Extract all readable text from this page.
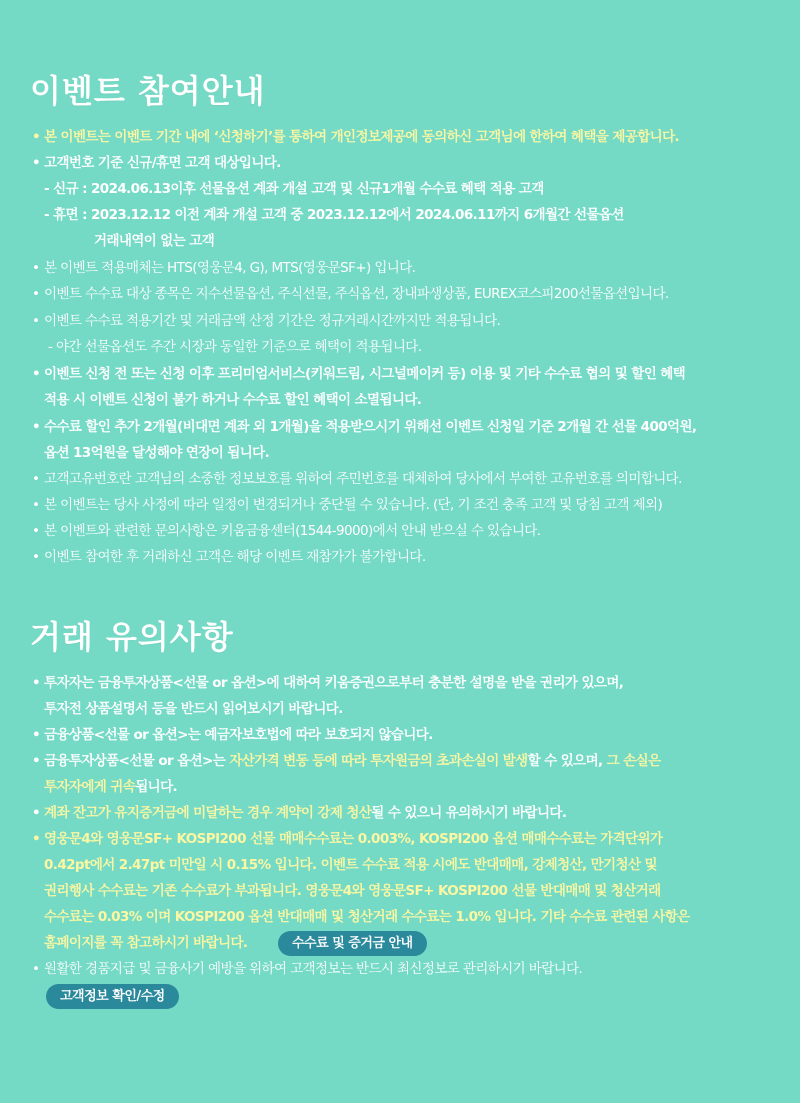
이벤트 참여안내
• 본 이벤트는 이벤트 기간 내에 ‘신청하기’를 통하여 개인정보제공에 동의하신 고객님에 한하여 혜택을 제공합니다.
• 고객번호 기준 신규/휴면 고객 대상입니다.
- 신규 : 2024.06.13이후 선물옵션 계좌 개설 고객 및 신규1개월 수수료 혜택 적용 고객
- 휴면 : 2023.12.12 이전 계좌 개설 고객 중 2023.12.12에서 2024.06.11까지 6개월간 선물옵션
거래내역이 없는 고객
• 본 이벤트 적용매체는 HTS(영웅문4, G), MTS(영웅문SF+) 입니다.
• 이벤트 수수료 대상 종목은 지수선물옵션, 주식선물, 주식옵션, 장내파생상품, EUREX코스피200선물옵션입니다.
• 이벤트 수수료 적용기간 및 거래금액 산정 기간은 정규거래시간까지만 적용됩니다.
- 야간 선물옵션도 주간 시장과 동일한 기준으로 혜택이 적용됩니다.
• 이벤트 신청 전 또는 신청 이후 프리미엄서비스(키워드림, 시그널메이커 등) 이용 및 기타 수수료 협의 및 할인 혜택
적용 시 이벤트 신청이 불가 하거나 수수료 할인 혜택이 소멸됩니다.
• 수수료 할인 추가 2개월(비대면 계좌 외 1개월)을 적용받으시기 위해선 이벤트 신청일 기준 2개월 간 선물 400억원,
옵션 13억원을 달성해야 연장이 됩니다.
• 고객고유번호란 고객님의 소중한 정보보호를 위하여 주민번호를 대체하여 당사에서 부여한 고유번호를 의미합니다.
• 본 이벤트는 당사 사정에 따라 일정이 변경되거나 중단될 수 있습니다. (단, 기 조건 충족 고객 및 당첨 고객 제외)
• 본 이벤트와 관련한 문의사항은 키움금융센터(1544-9000)에서 안내 받으실 수 있습니다.
• 이벤트 참여한 후 거래하신 고객은 해당 이벤트 재참가가 불가합니다.
거래 유의사항
• 투자자는 금융투자상품<선물 or 옵션>에 대하여 키움증권으로부터 충분한 설명을 받을 권리가 있으며,
투자전 상품설명서 등을 반드시 읽어보시기 바랍니다.
• 금융상품<선물 or 옵션>는 예금자보호법에 따라 보호되지 않습니다.
• 금융투자상품<선물 or 옵션>는 자산가격 변동 등에 따라 투자원금의 초과손실이 발생할 수 있으며, 그 손실은
투자자에게 귀속됩니다.
• 계좌 잔고가 유지증거금에 미달하는 경우 계약이 강제 청산될 수 있으니 유의하시기 바랍니다.
• 영웅문4와 영웅문SF+ KOSPI200 선물 매매수수료는 0.003%, KOSPI200 옵션 매매수수료는 가격단위가
0.42pt에서 2.47pt 미만일 시 0.15% 입니다. 이벤트 수수료 적용 시에도 반대매매, 강제청산, 만기청산 및
권리행사 수수료는 기존 수수료가 부과됩니다. 영웅문4와 영웅문SF+ KOSPI200 선물 반대매매 및 청산거래
수수료는 0.03% 이며 KOSPI200 옵션 반대매매 및 청산거래 수수료는 1.0% 입니다. 기타 수수료 관련된 사항은
홈페이지를 꼭 참고하시기 바랍니다.	수수료 및 증거금 안내
• 원활한 경품지급 및 금융사기 예방을 위하여 고객정보는 반드시 최신정보로 관리하시기 바랍니다.
고객정보 확인/수정
